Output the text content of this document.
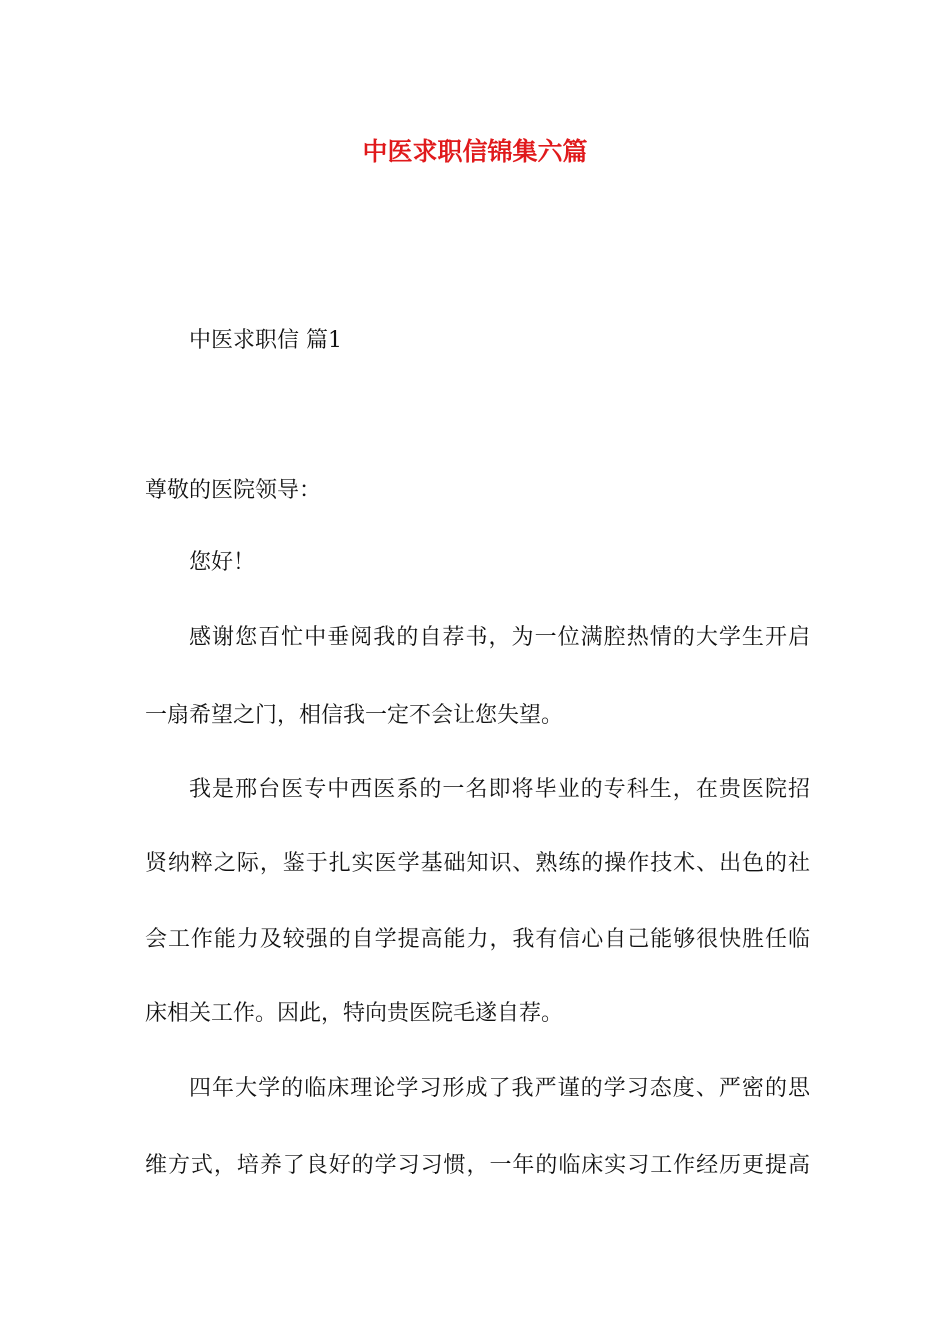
中医求职信锦集六篇
中医求职信 篇1
尊敬的医院领导：
您好！
感谢您百忙中垂阅我的自荐书，为一位满腔热情的大学生开启
一扇希望之门，相信我一定不会让您失望。
我是邢台医专中西医系的一名即将毕业的专科生，在贵医院招
贤纳粹之际，鉴于扎实医学基础知识、熟练的操作技术、出色的社
会工作能力及较强的自学提高能力，我有信心自己能够很快胜任临
床相关工作。因此，特向贵医院毛遂自荐。
四年大学的临床理论学习形成了我严谨的学习态度、严密的思
维方式，培养了良好的学习习惯，一年的临床实习工作经历更提高
